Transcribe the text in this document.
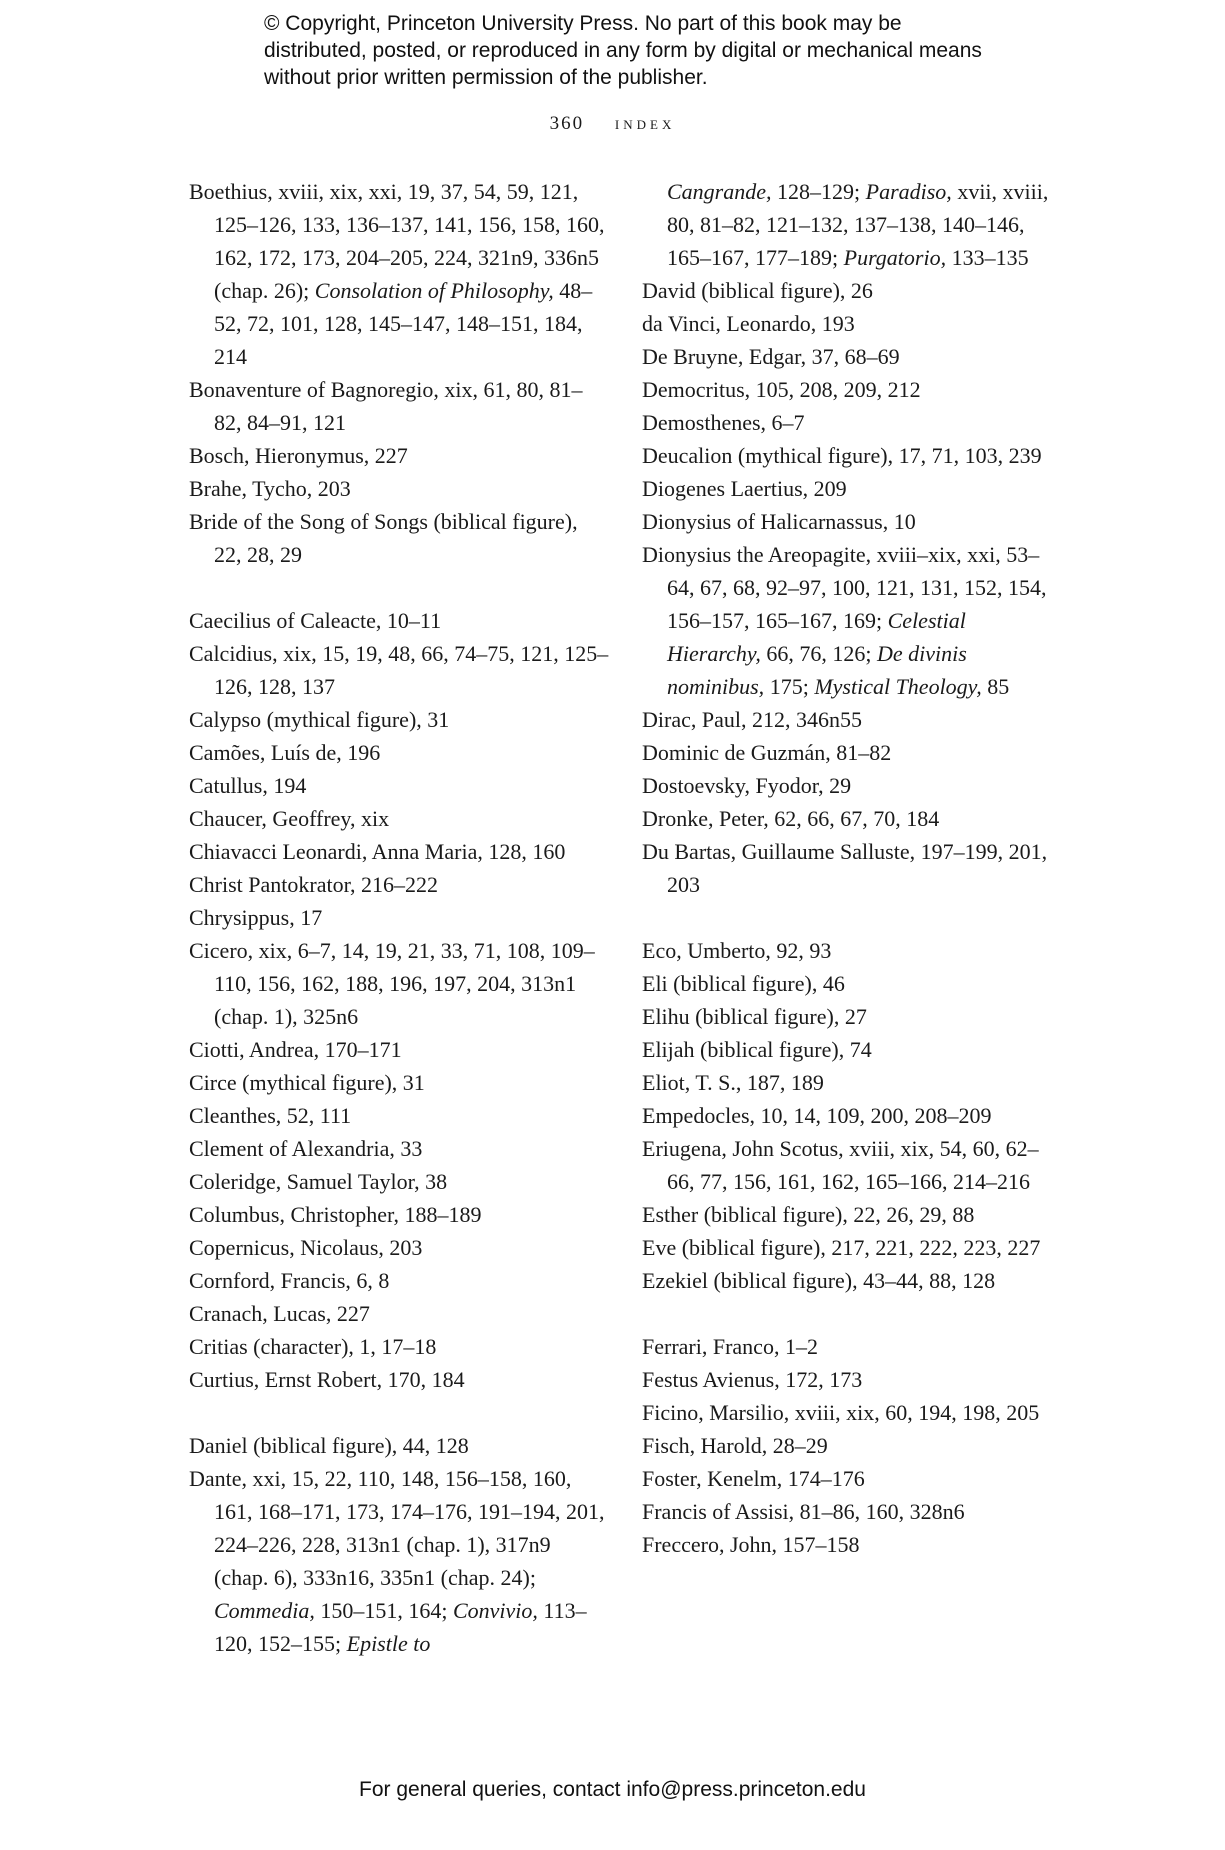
© Copyright, Princeton University Press. No part of this book may be distributed, posted, or reproduced in any form by digital or mechanical means without prior written permission of the publisher.
360 index
Boethius, xviii, xix, xxi, 19, 37, 54, 59, 121, 125–126, 133, 136–137, 141, 156, 158, 160, 162, 172, 173, 204–205, 224, 321n9, 336n5 (chap. 26); Consolation of Philosophy, 48–52, 72, 101, 128, 145–147, 148–151, 184, 214
Bonaventure of Bagnoregio, xix, 61, 80, 81–82, 84–91, 121
Bosch, Hieronymus, 227
Brahe, Tycho, 203
Bride of the Song of Songs (biblical figure), 22, 28, 29
Caecilius of Caleacte, 10–11
Calcidius, xix, 15, 19, 48, 66, 74–75, 121, 125–126, 128, 137
Calypso (mythical figure), 31
Camões, Luís de, 196
Catullus, 194
Chaucer, Geoffrey, xix
Chiavacci Leonardi, Anna Maria, 128, 160
Christ Pantokrator, 216–222
Chrysippus, 17
Cicero, xix, 6–7, 14, 19, 21, 33, 71, 108, 109–110, 156, 162, 188, 196, 197, 204, 313n1 (chap. 1), 325n6
Ciotti, Andrea, 170–171
Circe (mythical figure), 31
Cleanthes, 52, 111
Clement of Alexandria, 33
Coleridge, Samuel Taylor, 38
Columbus, Christopher, 188–189
Copernicus, Nicolaus, 203
Cornford, Francis, 6, 8
Cranach, Lucas, 227
Critias (character), 1, 17–18
Curtius, Ernst Robert, 170, 184
Daniel (biblical figure), 44, 128
Dante, xxi, 15, 22, 110, 148, 156–158, 160, 161, 168–171, 173, 174–176, 191–194, 201, 224–226, 228, 313n1 (chap. 1), 317n9 (chap. 6), 333n16, 335n1 (chap. 24); Commedia, 150–151, 164; Convivio, 113–120, 152–155; Epistle to
Cangrande, 128–129; Paradiso, xvii, xviii, 80, 81–82, 121–132, 137–138, 140–146, 165–167, 177–189; Purgatorio, 133–135
David (biblical figure), 26
da Vinci, Leonardo, 193
De Bruyne, Edgar, 37, 68–69
Democritus, 105, 208, 209, 212
Demosthenes, 6–7
Deucalion (mythical figure), 17, 71, 103, 239
Diogenes Laertius, 209
Dionysius of Halicarnassus, 10
Dionysius the Areopagite, xviii–xix, xxi, 53–64, 67, 68, 92–97, 100, 121, 131, 152, 154, 156–157, 165–167, 169; Celestial Hierarchy, 66, 76, 126; De divinis nominibus, 175; Mystical Theology, 85
Dirac, Paul, 212, 346n55
Dominic de Guzmán, 81–82
Dostoevsky, Fyodor, 29
Dronke, Peter, 62, 66, 67, 70, 184
Du Bartas, Guillaume Salluste, 197–199, 201, 203
Eco, Umberto, 92, 93
Eli (biblical figure), 46
Elihu (biblical figure), 27
Elijah (biblical figure), 74
Eliot, T. S., 187, 189
Empedocles, 10, 14, 109, 200, 208–209
Eriugena, John Scotus, xviii, xix, 54, 60, 62–66, 77, 156, 161, 162, 165–166, 214–216
Esther (biblical figure), 22, 26, 29, 88
Eve (biblical figure), 217, 221, 222, 223, 227
Ezekiel (biblical figure), 43–44, 88, 128
Ferrari, Franco, 1–2
Festus Avienus, 172, 173
Ficino, Marsilio, xviii, xix, 60, 194, 198, 205
Fisch, Harold, 28–29
Foster, Kenelm, 174–176
Francis of Assisi, 81–86, 160, 328n6
Freccero, John, 157–158
For general queries, contact info@press.princeton.edu
